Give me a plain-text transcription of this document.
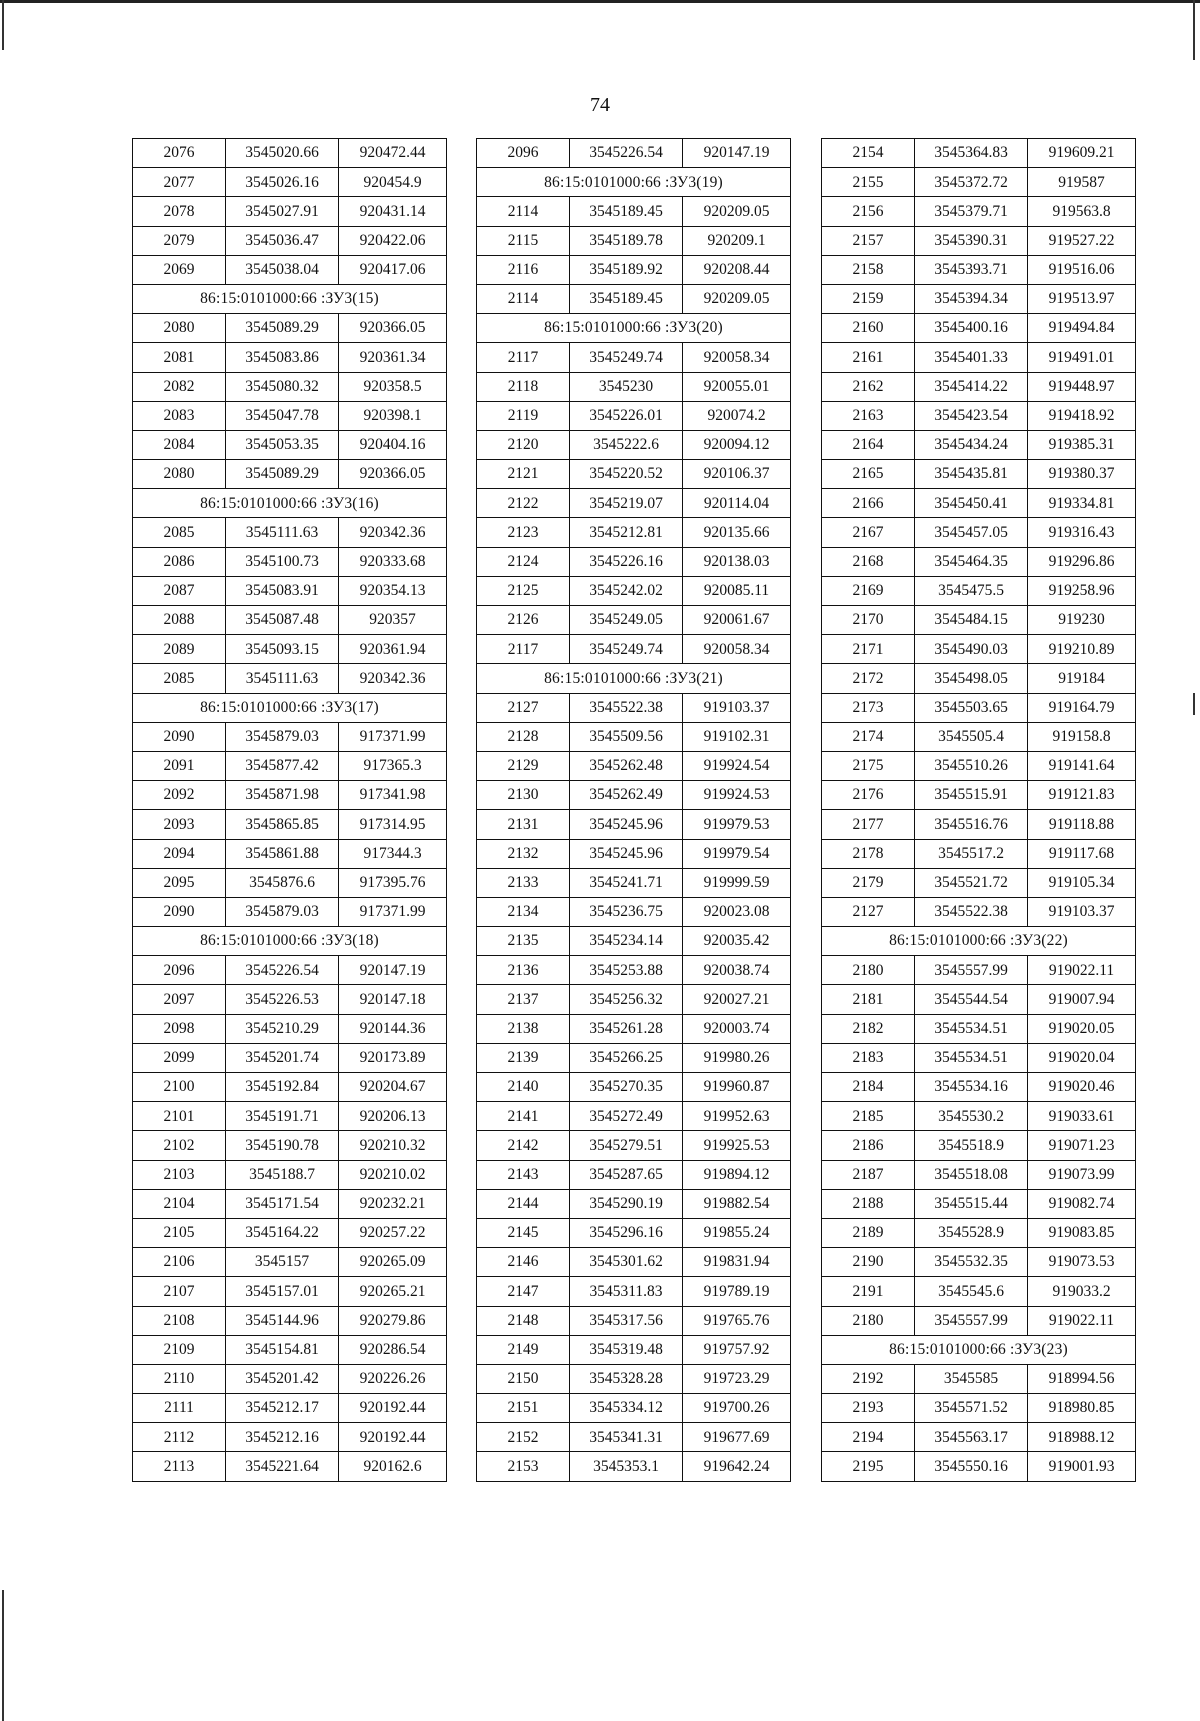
74
2076	3545020.66	920472.44
2077	3545026.16	920454.9
2078	3545027.91	920431.14
2079	3545036.47	920422.06
2069	3545038.04	920417.06
86:15:0101000:66 :ЗУ3(15)		
2080	3545089.29	920366.05
2081	3545083.86	920361.34
2082	3545080.32	920358.5
2083	3545047.78	920398.1
2084	3545053.35	920404.16
2080	3545089.29	920366.05
86:15:0101000:66 :ЗУ3(16)		
2085	3545111.63	920342.36
2086	3545100.73	920333.68
2087	3545083.91	920354.13
2088	3545087.48	920357
2089	3545093.15	920361.94
2085	3545111.63	920342.36
86:15:0101000:66 :ЗУ3(17)		
2090	3545879.03	917371.99
2091	3545877.42	917365.3
2092	3545871.98	917341.98
2093	3545865.85	917314.95
2094	3545861.88	917344.3
2095	3545876.6	917395.76
2090	3545879.03	917371.99
86:15:0101000:66 :ЗУ3(18)		
2096	3545226.54	920147.19
2097	3545226.53	920147.18
2098	3545210.29	920144.36
2099	3545201.74	920173.89
2100	3545192.84	920204.67
2101	3545191.71	920206.13
2102	3545190.78	920210.32
2103	3545188.7	920210.02
2104	3545171.54	920232.21
2105	3545164.22	920257.22
2106	3545157	920265.09
2107	3545157.01	920265.21
2108	3545144.96	920279.86
2109	3545154.81	920286.54
2110	3545201.42	920226.26
2111	3545212.17	920192.44
2112	3545212.16	920192.44
2113	3545221.64	920162.6
2096	3545226.54	920147.19
86:15:0101000:66 :ЗУ3(19)		
2114	3545189.45	920209.05
2115	3545189.78	920209.1
2116	3545189.92	920208.44
2114	3545189.45	920209.05
86:15:0101000:66 :ЗУ3(20)		
2117	3545249.74	920058.34
2118	3545230	920055.01
2119	3545226.01	920074.2
2120	3545222.6	920094.12
2121	3545220.52	920106.37
2122	3545219.07	920114.04
2123	3545212.81	920135.66
2124	3545226.16	920138.03
2125	3545242.02	920085.11
2126	3545249.05	920061.67
2117	3545249.74	920058.34
86:15:0101000:66 :ЗУ3(21)		
2127	3545522.38	919103.37
2128	3545509.56	919102.31
2129	3545262.48	919924.54
2130	3545262.49	919924.53
2131	3545245.96	919979.53
2132	3545245.96	919979.54
2133	3545241.71	919999.59
2134	3545236.75	920023.08
2135	3545234.14	920035.42
2136	3545253.88	920038.74
2137	3545256.32	920027.21
2138	3545261.28	920003.74
2139	3545266.25	919980.26
2140	3545270.35	919960.87
2141	3545272.49	919952.63
2142	3545279.51	919925.53
2143	3545287.65	919894.12
2144	3545290.19	919882.54
2145	3545296.16	919855.24
2146	3545301.62	919831.94
2147	3545311.83	919789.19
2148	3545317.56	919765.76
2149	3545319.48	919757.92
2150	3545328.28	919723.29
2151	3545334.12	919700.26
2152	3545341.31	919677.69
2153	3545353.1	919642.24
2154	3545364.83	919609.21
2155	3545372.72	919587
2156	3545379.71	919563.8
2157	3545390.31	919527.22
2158	3545393.71	919516.06
2159	3545394.34	919513.97
2160	3545400.16	919494.84
2161	3545401.33	919491.01
2162	3545414.22	919448.97
2163	3545423.54	919418.92
2164	3545434.24	919385.31
2165	3545435.81	919380.37
2166	3545450.41	919334.81
2167	3545457.05	919316.43
2168	3545464.35	919296.86
2169	3545475.5	919258.96
2170	3545484.15	919230
2171	3545490.03	919210.89
2172	3545498.05	919184
2173	3545503.65	919164.79
2174	3545505.4	919158.8
2175	3545510.26	919141.64
2176	3545515.91	919121.83
2177	3545516.76	919118.88
2178	3545517.2	919117.68
2179	3545521.72	919105.34
2127	3545522.38	919103.37
86:15:0101000:66 :ЗУ3(22)		
2180	3545557.99	919022.11
2181	3545544.54	919007.94
2182	3545534.51	919020.05
2183	3545534.51	919020.04
2184	3545534.16	919020.46
2185	3545530.2	919033.61
2186	3545518.9	919071.23
2187	3545518.08	919073.99
2188	3545515.44	919082.74
2189	3545528.9	919083.85
2190	3545532.35	919073.53
2191	3545545.6	919033.2
2180	3545557.99	919022.11
86:15:0101000:66 :ЗУ3(23)		
2192	3545585	918994.56
2193	3545571.52	918980.85
2194	3545563.17	918988.12
2195	3545550.16	919001.93
